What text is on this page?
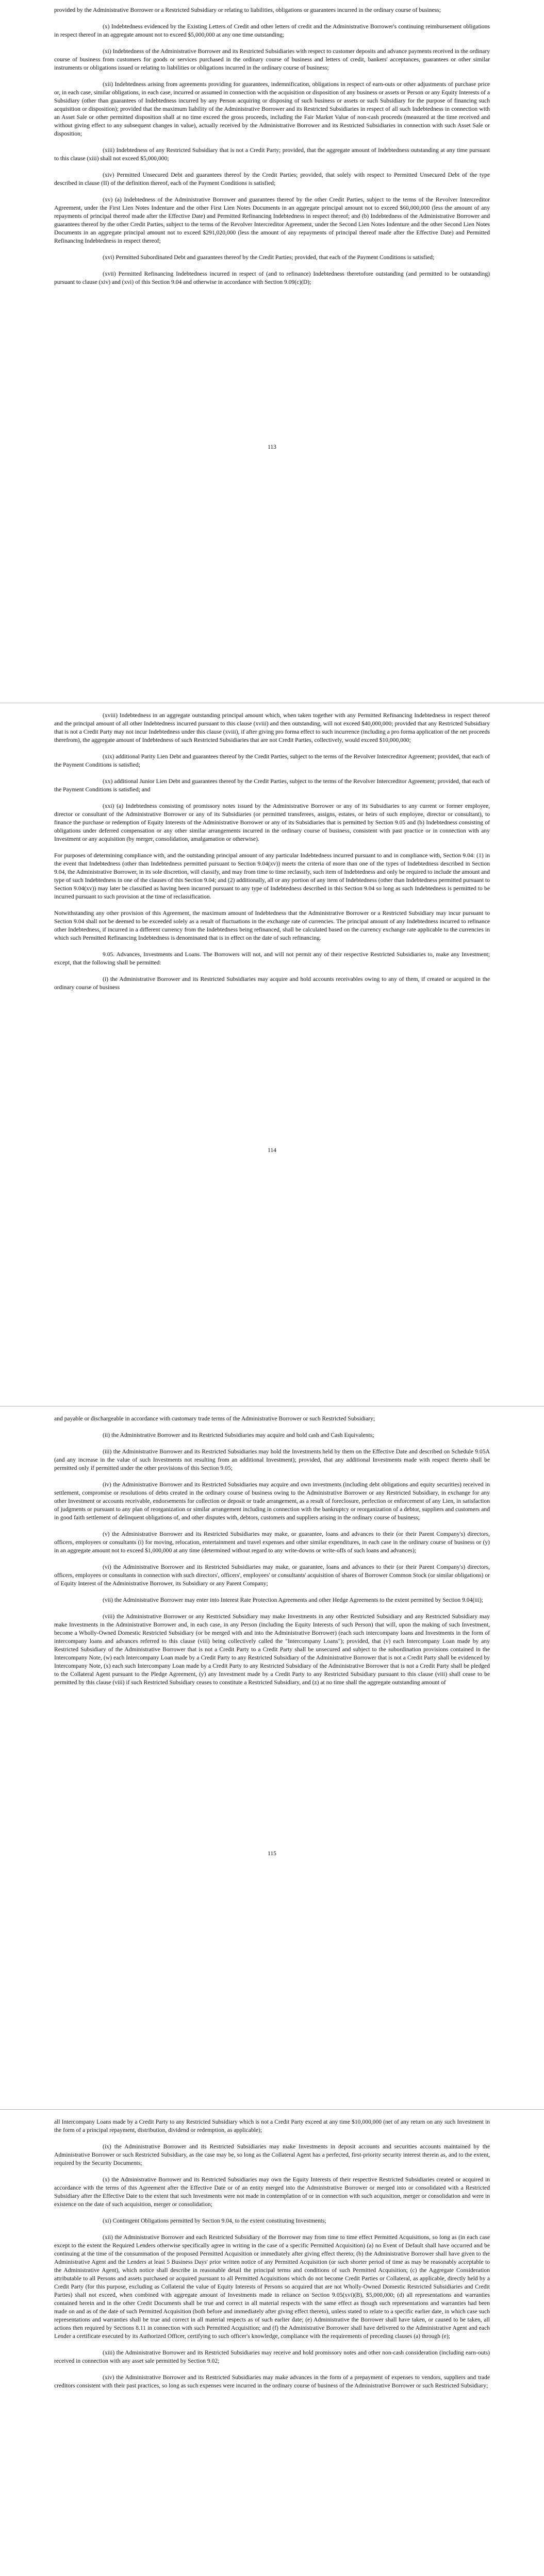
provided by the Administrative Borrower or a Restricted Subsidiary or relating to liabilities, obligations or guarantees incurred in the ordinary course of business;

(x) Indebtedness evidenced by the Existing Letters of Credit and other letters of credit and the Administrative Borrower's continuing reimbursement obligations in respect thereof in an aggregate amount not to exceed $5,000,000 at any one time outstanding;

(xi) Indebtedness of the Administrative Borrower and its Restricted Subsidiaries with respect to customer deposits and advance payments received in the ordinary course of business from customers for goods or services purchased in the ordinary course of business and letters of credit, bankers' acceptances, guarantees or other similar instruments or obligations issued or relating to liabilities or obligations incurred in the ordinary course of business;

(xii) Indebtedness arising from agreements providing for guarantees, indemnification, obligations in respect of earn-outs or other adjustments of purchase price or, in each case, similar obligations, in each case, incurred or assumed in connection with the acquisition or disposition of any business or assets or Person or any Equity Interests of a Subsidiary (other than guarantees of Indebtedness incurred by any Person acquiring or disposing of such business or assets or such Subsidiary for the purpose of financing such acquisition or disposition); provided that the maximum liability of the Administrative Borrower and its Restricted Subsidiaries in respect of all such Indebtedness in connection with an Asset Sale or other permitted disposition shall at no time exceed the gross proceeds, including the Fair Market Value of non-cash proceeds (measured at the time received and without giving effect to any subsequent changes in value), actually received by the Administrative Borrower and its Restricted Subsidiaries in connection with such Asset Sale or disposition;

(xiii) Indebtedness of any Restricted Subsidiary that is not a Credit Party; provided, that the aggregate amount of Indebtedness outstanding at any time pursuant to this clause (xiii) shall not exceed $5,000,000;

(xiv) Permitted Unsecured Debt and guarantees thereof by the Credit Parties; provided, that solely with respect to Permitted Unsecured Debt of the type described in clause (II) of the definition thereof, each of the Payment Conditions is satisfied;

(xv) (a) Indebtedness of the Administrative Borrower and guarantees thereof by the other Credit Parties, subject to the terms of the Revolver Intercreditor Agreement, under the First Lien Notes Indenture and the other First Lien Notes Documents in an aggregate principal amount not to exceed $60,000,000 (less the amount of any repayments of principal thereof made after the Effective Date) and Permitted Refinancing Indebtedness in respect thereof; and (b) Indebtedness of the Administrative Borrower and guarantees thereof by the other Credit Parties, subject to the terms of the Revolver Intercreditor Agreement, under the Second Lien Notes Indenture and the other Second Lien Notes Documents in an aggregate principal amount not to exceed $291,020,000 (less the amount of any repayments of principal thereof made after the Effective Date) and Permitted Refinancing Indebtedness in respect thereof;

(xvi) Permitted Subordinated Debt and guarantees thereof by the Credit Parties; provided, that each of the Payment Conditions is satisfied;

(xvii) Permitted Refinancing Indebtedness incurred in respect of (and to refinance) Indebtedness theretofore outstanding (and permitted to be outstanding) pursuant to clause (xiv) and (xvi) of this Section 9.04 and otherwise in accordance with Section 9.09(c)(D);

113

(xviii) Indebtedness in an aggregate outstanding principal amount which, when taken together with any Permitted Refinancing Indebtedness in respect thereof and the principal amount of all other Indebtedness incurred pursuant to this clause (xviii) and then outstanding, will not exceed $40,000,000; provided that any Restricted Subsidiary that is not a Credit Party may not incur Indebtedness under this clause (xviii), if after giving pro forma effect to such incurrence (including a pro forma application of the net proceeds therefrom), the aggregate amount of Indebtedness of such Restricted Subsidiaries that are not Credit Parties, collectively, would exceed $10,000,000;

(xix) additional Parity Lien Debt and guarantees thereof by the Credit Parties, subject to the terms of the Revolver Intercreditor Agreement; provided, that each of the Payment Conditions is satisfied;

(xx) additional Junior Lien Debt and guarantees thereof by the Credit Parties, subject to the terms of the Revolver Intercreditor Agreement; provided, that each of the Payment Conditions is satisfied; and

(xxi) (a) Indebtedness consisting of promissory notes issued by the Administrative Borrower or any of its Subsidiaries to any current or former employee, director or consultant of the Administrative Borrower or any of its Subsidiaries (or permitted transferees, assigns, estates, or heirs of such employee, director or consultant), to finance the purchase or redemption of Equity Interests of the Administrative Borrower or any of its Subsidiaries that is permitted by Section 9.05 and (b) Indebtedness consisting of obligations under deferred compensation or any other similar arrangements incurred in the ordinary course of business, consistent with past practice or in connection with any Investment or any acquisition (by merger, consolidation, amalgamation or otherwise).

For purposes of determining compliance with, and the outstanding principal amount of any particular Indebtedness incurred pursuant to and in compliance with, Section 9.04: (1) in the event that Indebtedness (other than Indebtedness permitted pursuant to Section 9.04(xv)) meets the criteria of more than one of the types of Indebtedness described in Section 9.04, the Administrative Borrower, in its sole discretion, will classify, and may from time to time reclassify, such item of Indebtedness and only be required to include the amount and type of such Indebtedness in one of the clauses of this Section 9.04; and (2) additionally, all or any portion of any item of Indebtedness (other than Indebtedness permitted pursuant to Section 9.04(xv)) may later be classified as having been incurred pursuant to any type of Indebtedness described in this Section 9.04 so long as such Indebtedness is permitted to be incurred pursuant to such provision at the time of reclassification.

Notwithstanding any other provision of this Agreement, the maximum amount of Indebtedness that the Administrative Borrower or a Restricted Subsidiary may incur pursuant to Section 9.04 shall not be deemed to be exceeded solely as a result of fluctuations in the exchange rate of currencies. The principal amount of any Indebtedness incurred to refinance other Indebtedness, if incurred in a different currency from the Indebtedness being refinanced, shall be calculated based on the currency exchange rate applicable to the currencies in which such Permitted Refinancing Indebtedness is denominated that is in effect on the date of such refinancing.

9.05. Advances, Investments and Loans. The Borrowers will not, and will not permit any of their respective Restricted Subsidiaries to, make any Investment; except, that the following shall be permitted:

(i) the Administrative Borrower and its Restricted Subsidiaries may acquire and hold accounts receivables owing to any of them, if created or acquired in the ordinary course of business

114

and payable or dischargeable in accordance with customary trade terms of the Administrative Borrower or such Restricted Subsidiary;

(ii) the Administrative Borrower and its Restricted Subsidiaries may acquire and hold cash and Cash Equivalents;

(iii) the Administrative Borrower and its Restricted Subsidiaries may hold the Investments held by them on the Effective Date and described on Schedule 9.05A (and any increase in the value of such Investments not resulting from an additional Investment); provided, that any additional Investments made with respect thereto shall be permitted only if permitted under the other provisions of this Section 9.05;

(iv) the Administrative Borrower and its Restricted Subsidiaries may acquire and own investments (including debt obligations and equity securities) received in settlement, compromise or resolutions of debts created in the ordinary course of business owing to the Administrative Borrower or any Restricted Subsidiary, in exchange for any other Investment or accounts receivable, endorsements for collection or deposit or trade arrangement, as a result of foreclosure, perfection or enforcement of any Lien, in satisfaction of judgments or pursuant to any plan of reorganization or similar arrangement including in connection with the bankruptcy or reorganization of a debtor, suppliers and customers and in good faith settlement of delinquent obligations of, and other disputes with, debtors, customers and suppliers arising in the ordinary course of business;

(v) the Administrative Borrower and its Restricted Subsidiaries may make, or guarantee, loans and advances to their (or their Parent Company's) directors, officers, employees or consultants (i) for moving, relocation, entertainment and travel expenses and other similar expenditures, in each case in the ordinary course of business or (y) in an aggregate amount not to exceed $1,000,000 at any time (determined without regard to any write-downs or write-offs of such loans and advances);

(vi) the Administrative Borrower and its Restricted Subsidiaries may make, or guarantee, loans and advances to their (or their Parent Company's) directors, officers, employees or consultants in connection with such directors', officers', employees' or consultants' acquisition of shares of Borrower Common Stock (or similar obligations) or of Equity Interest of the Administrative Borrower, its Subsidiary or any Parent Company;

(vii) the Administrative Borrower may enter into Interest Rate Protection Agreements and other Hedge Agreements to the extent permitted by Section 9.04(iii);

(viii) the Administrative Borrower or any Restricted Subsidiary may make Investments in any other Restricted Subsidiary and any Restricted Subsidiary may make Investments in the Administrative Borrower and, in each case, in any Person (including the Equity Interests of such Person) that will, upon the making of such Investment, become a Wholly-Owned Domestic Restricted Subsidiary (or be merged with and into the Administrative Borrower) (each such intercompany loans and Investments in the form of intercompany loans and advances referred to this clause (viii) being collectively called the "Intercompany Loans"); provided, that (v) each Intercompany Loan made by any Restricted Subsidiary of the Administrative Borrower that is not a Credit Party to a Credit Party shall be unsecured and subject to the subordination provisions contained in the Intercompany Note, (w) each Intercompany Loan made by a Credit Party to any Restricted Subsidiary of the Administrative Borrower that is not a Credit Party shall be evidenced by Intercompany Note, (x) each such Intercompany Loan made by a Credit Party to any Restricted Subsidiary of the Administrative Borrower that is not a Credit Party shall be pledged to the Collateral Agent pursuant to the Pledge Agreement, (y) any Investment made by a Credit Party to any Restricted Subsidiary pursuant to this clause (viii) shall cease to be permitted by this clause (viii) if such Restricted Subsidiary ceases to constitute a Restricted Subsidiary, and (z) at no time shall the aggregate outstanding amount of

115

all Intercompany Loans made by a Credit Party to any Restricted Subsidiary which is not a Credit Party exceed at any time $10,000,000 (net of any return on any such Investment in the form of a principal repayment, distribution, dividend or redemption, as applicable);

(ix) the Administrative Borrower and its Restricted Subsidiaries may make Investments in deposit accounts and securities accounts maintained by the Administrative Borrower or such Restricted Subsidiary, as the case may be, so long as the Collateral Agent has a perfected, first-priority security interest therein as, and to the extent, required by the Security Documents;

(x) the Administrative Borrower and its Restricted Subsidiaries may own the Equity Interests of their respective Restricted Subsidiaries created or acquired in accordance with the terms of this Agreement after the Effective Date or of an entity merged into the Administrative Borrower or merged into or consolidated with a Restricted Subsidiary after the Effective Date to the extent that such Investments were not made in contemplation of or in connection with such acquisition, merger or consolidation and were in existence on the date of such acquisition, merger or consolidation;

(xi) Contingent Obligations permitted by Section 9.04, to the extent constituting Investments;

(xii) the Administrative Borrower and each Restricted Subsidiary of the Borrower may from time to time effect Permitted Acquisitions, so long as (in each case except to the extent the Required Lenders otherwise specifically agree in writing in the case of a specific Permitted Acquisition) (a) no Event of Default shall have occurred and be continuing at the time of the consummation of the proposed Permitted Acquisition or immediately after giving effect thereto; (b) the Administrative Borrower shall have given to the Administrative Agent and the Lenders at least 5 Business Days' prior written notice of any Permitted Acquisition (or such shorter period of time as may be reasonably acceptable to the Administrative Agent), which notice shall describe in reasonable detail the principal terms and conditions of such Permitted Acquisition; (c) the Aggregate Consideration attributable to all Persons and assets purchased or acquired pursuant to all Permitted Acquisitions which do not become Credit Parties or Collateral, as applicable, directly held by a Credit Party (for this purpose, excluding as Collateral the value of Equity Interests of Persons so acquired that are not Wholly-Owned Domestic Restricted Subsidiaries and Credit Parties) shall not exceed, when combined with aggregate amount of Investments made in reliance on Section 9.05(xvi)(B), $5,000,000; (d) all representations and warranties contained herein and in the other Credit Documents shall be true and correct in all material respects with the same effect as though such representations and warranties had been made on and as of the date of such Permitted Acquisition (both before and immediately after giving effect thereto), unless stated to relate to a specific earlier date, in which case such representations and warranties shall be true and correct in all material respects as of such earlier date; (e) Administrative the Borrower shall have taken, or caused to be taken, all actions then required by Sections 8.11 in connection with such Permitted Acquisition; and (f) the Administrative Borrower shall have delivered to the Administrative Agent and each Lender a certificate executed by its Authorized Officer, certifying to such officer's knowledge, compliance with the requirements of preceding clauses (a) through (e);

(xiii) the Administrative Borrower and its Restricted Subsidiaries may receive and hold promissory notes and other non-cash consideration (including earn-outs) received in connection with any asset sale permitted by Section 9.02;

(xiv) the Administrative Borrower and its Restricted Subsidiaries may make advances in the form of a prepayment of expenses to vendors, suppliers and trade creditors consistent with their past practices, so long as such expenses were incurred in the ordinary course of business of the Administrative Borrower or such Restricted Subsidiary;
